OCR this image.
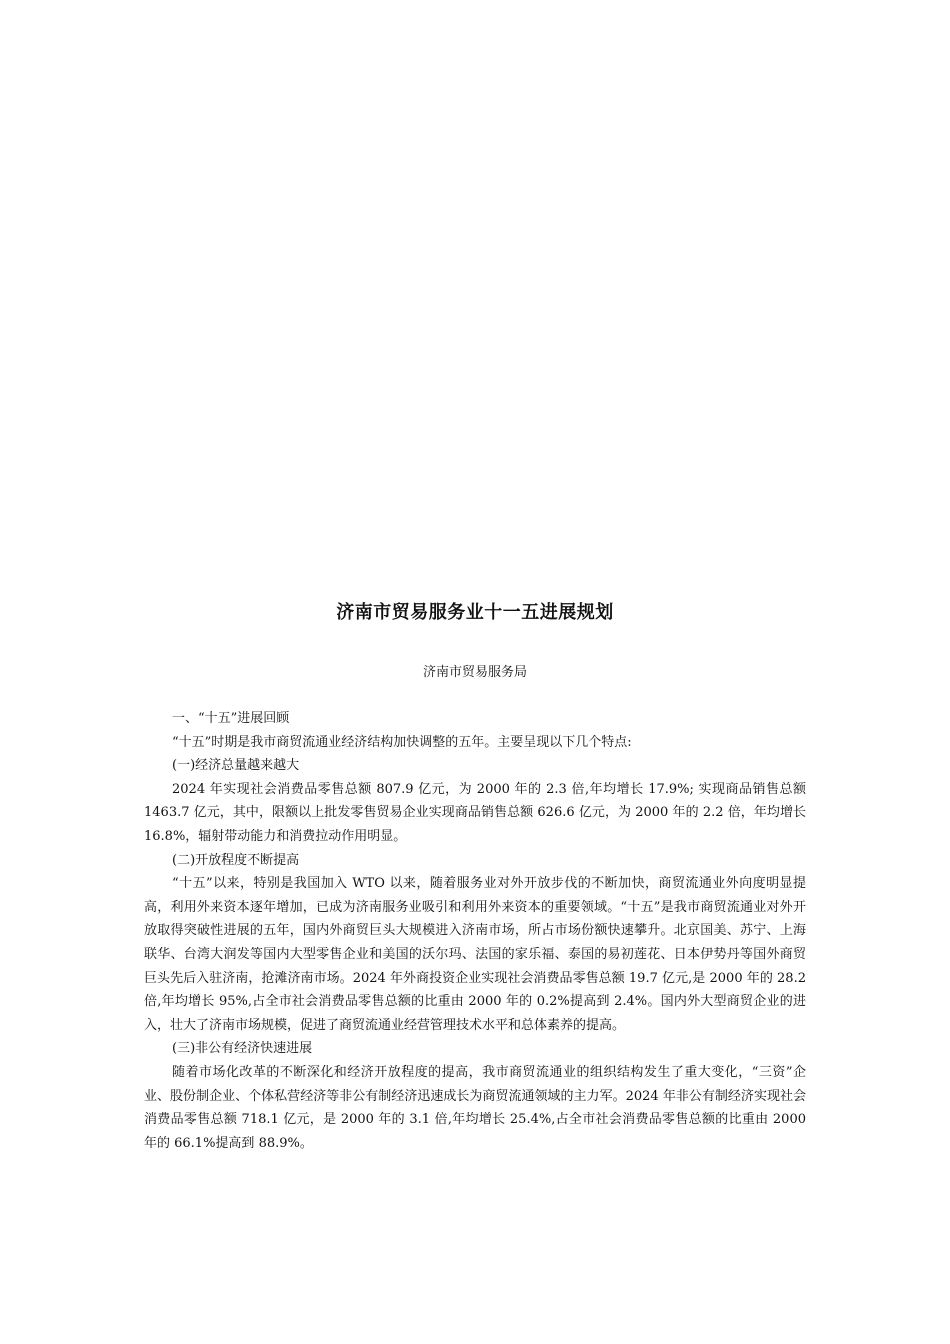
济南市贸易服务业十一五进展规划
济南市贸易服务局

一、“十五”进展回顾

“十五”时期是我市商贸流通业经济结构加快调整的五年。主要呈现以下几个特点:

(一)经济总量越来越大

2024 年实现社会消费品零售总额 807.9 亿元，为 2000 年的 2.3 倍,年均增长 17.9%; 实现商品销售总额 1463.7 亿元，其中，限额以上批发零售贸易企业实现商品销售总额 626.6 亿元，为 2000 年的 2.2 倍，年均增长 16.8%，辐射带动能力和消费拉动作用明显。

(二)开放程度不断提高

“十五”以来，特别是我国加入 WTO 以来，随着服务业对外开放步伐的不断加快，商贸流通业外向度明显提高，利用外来资本逐年增加，已成为济南服务业吸引和利用外来资本的重要领域。“十五”是我市商贸流通业对外开放取得突破性进展的五年，国内外商贸巨头大规模进入济南市场，所占市场份额快速攀升。北京国美、苏宁、上海联华、台湾大润发等国内大型零售企业和美国的沃尔玛、法国的家乐福、泰国的易初莲花、日本伊势丹等国外商贸巨头先后入驻济南，抢滩济南市场。2024 年外商投资企业实现社会消费品零售总额 19.7 亿元,是 2000 年的 28.2 倍,年均增长 95%,占全市社会消费品零售总额的比重由 2000 年的 0.2%提高到 2.4%。国内外大型商贸企业的进入，壮大了济南市场规模，促进了商贸流通业经营管理技术水平和总体素养的提高。

(三)非公有经济快速进展

随着市场化改革的不断深化和经济开放程度的提高，我市商贸流通业的组织结构发生了重大变化，“三资”企业、股份制企业、个体私营经济等非公有制经济迅速成长为商贸流通领域的主力军。2024 年非公有制经济实现社会消费品零售总额 718.1 亿元，是 2000 年的 3.1 倍,年均增长 25.4%,占全市社会消费品零售总额的比重由 2000 年的 66.1%提高到 88.9%。
